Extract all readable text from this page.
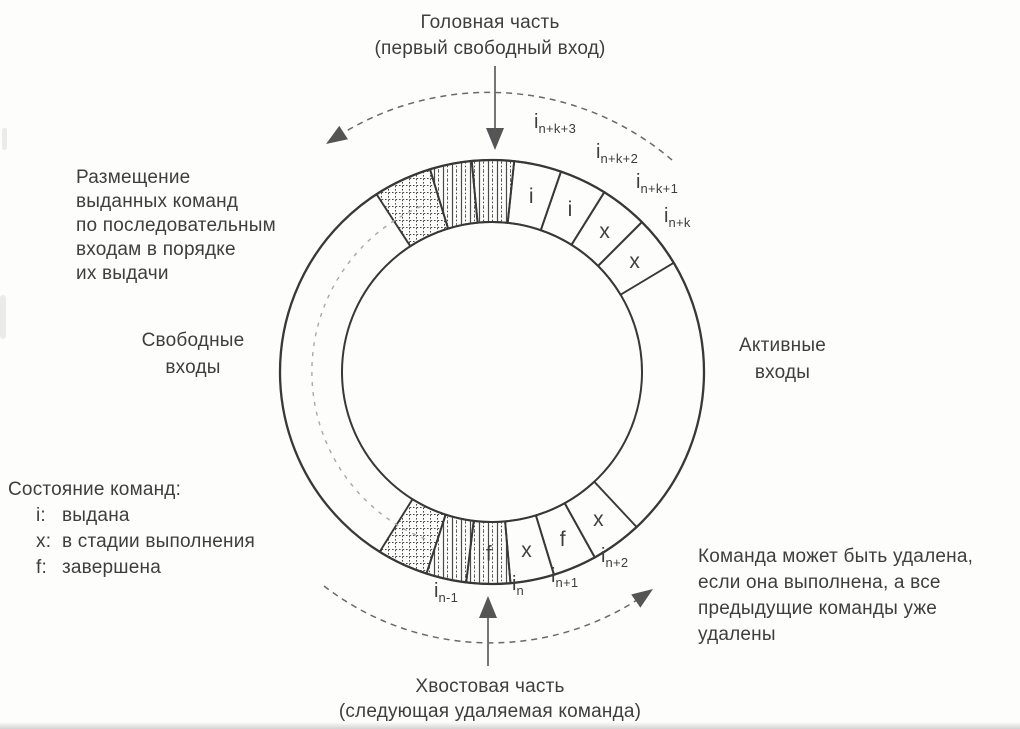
i
i
x
x
x
f
x
f
Головная часть
(первый свободный вход)
Размещение
выданных команд
по последовательным
входам в порядке
их выдачи
Свободные
входы
Активные
входы
Состояние команд:
i: выдана
x: в стадии выполнения
f: завершена
Команда может быть удалена,
если она выполнена, а все
предыдущие команды уже
удалены
Хвостовая часть
(следующая удаляемая команда)
$i_{n+k+3}$
$i_{n+k+2}$
$i_{n+k+1}$
$i_{n+k}$
$i_{n+2}$
$i_{n+1}$
$i_n$
$i_{n-1}$
